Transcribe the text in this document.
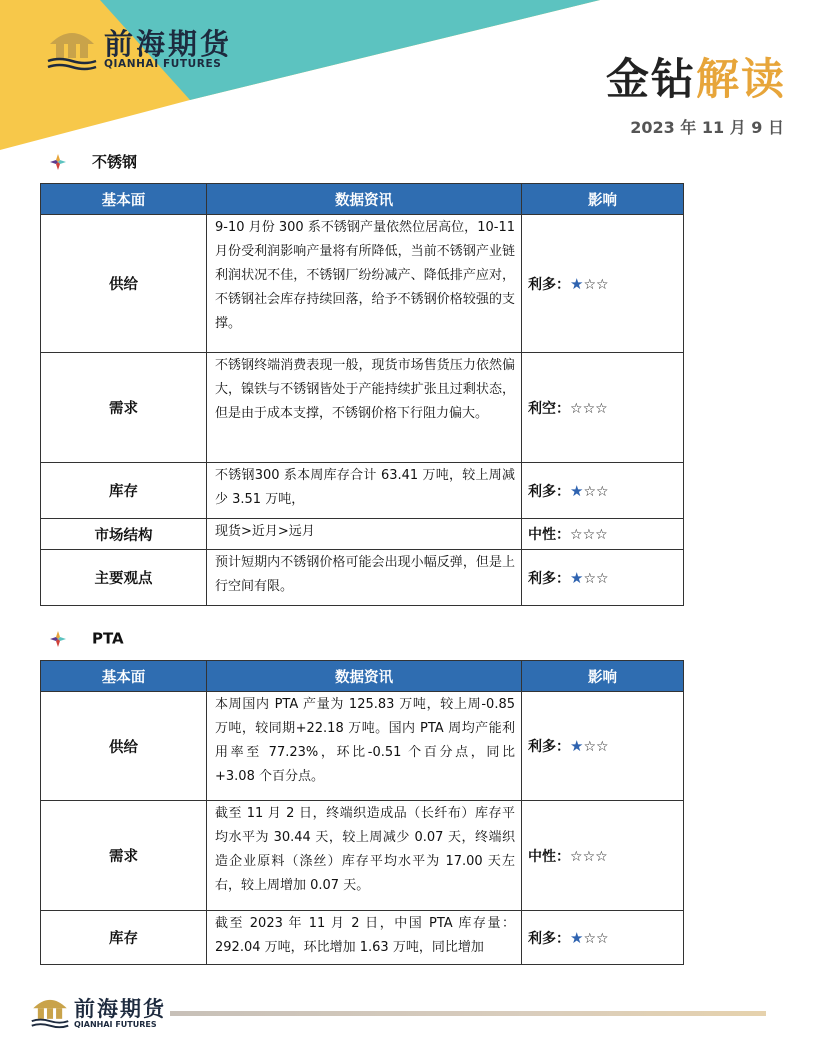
前海期货
QIANHAI FUTURES	金钻解读
2023 年 11 月 9 日
不锈钢
基本面	数据资讯	影响
供给	9-10 月份 300 系不锈钢产量依然位居高位，10-11 月份受利润影响产量将有所降低，当前不锈钢产业链利润状况不佳，不锈钢厂纷纷减产、降低排产应对，不锈钢社会库存持续回落，给予不锈钢价格较强的支撑。	利多：★☆☆
需求	不锈钢终端消费表现一般，现货市场售货压力依然偏大，镍铁与不锈钢皆处于产能持续扩张且过剩状态，但是由于成本支撑，不锈钢价格下行阻力偏大。	利空：☆☆☆
库存	不锈钢300 系本周库存合计 63.41 万吨，较上周减少 3.51 万吨，	利多：★☆☆
市场结构	现货>近月>远月	中性：☆☆☆
主要观点	预计短期内不锈钢价格可能会出现小幅反弹，但是上行空间有限。	利多：★☆☆
PTA
基本面	数据资讯	影响
供给	本周国内 PTA 产量为 125.83 万吨，较上周-0.85 万吨，较同期+22.18 万吨。国内 PTA 周均产能利用率至 77.23%，环比-0.51 个百分点，同比+3.08 个百分点。	利多：★☆☆
需求	截至 11 月 2 日，终端织造成品（长纤布）库存平均水平为 30.44 天，较上周减少 0.07 天，终端织造企业原料（涤丝）库存平均水平为 17.00 天左右，较上周增加 0.07 天。	中性：☆☆☆
库存	截至 2023 年 11 月 2 日，中国 PTA 库存量：292.04 万吨，环比增加 1.63 万吨，同比增加	利多：★☆☆
前海期货
QIANHAI FUTURES
